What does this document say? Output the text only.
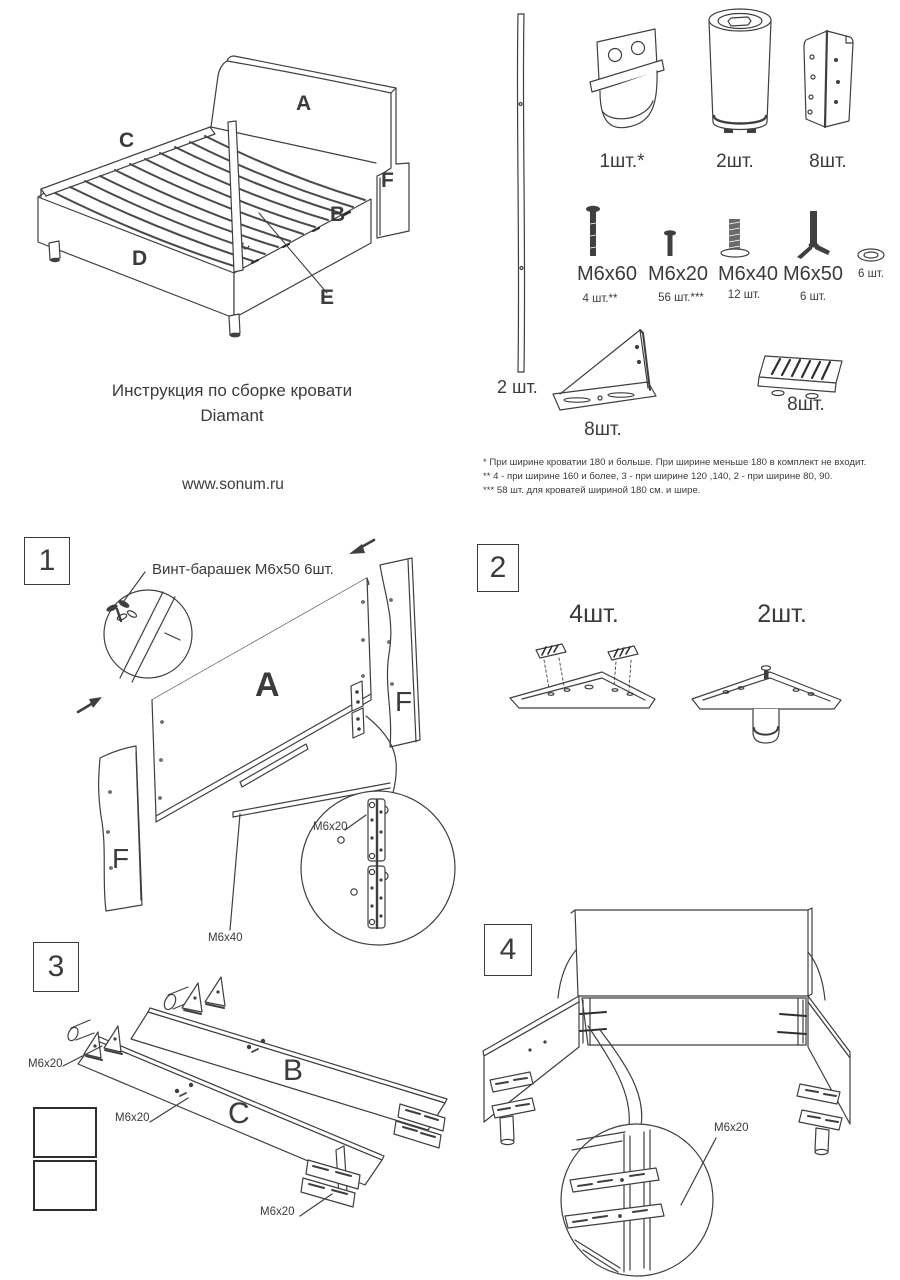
Инструкция по сборке кровати
Diamant
www.sonum.ru
A
B
C
D
E
F
1шт.*	2шт.	8шт.
M6x60 M6x20 M6x40 M6x50
4 шт.**	56 шт.*** 12 шт.	6 шт.
6 шт.
2 шт.
8шт.
8шт.
* При ширине кроватии 180 и больше. При ширине меньше 180 в комплект не входит.
** 4 - при ширине 160 и более, 3 - при ширине 120 ,140, 2 - при ширине 80, 90.
*** 58 шт. для кроватей шириной 180 см. и шире.
1	2
3
4
Винт-барашек М6х50 6шт.
A	F
F
M6x20
M6x40
4шт.	2шт.
B
C
M6x20
M6x20
M6x20
M6x20
